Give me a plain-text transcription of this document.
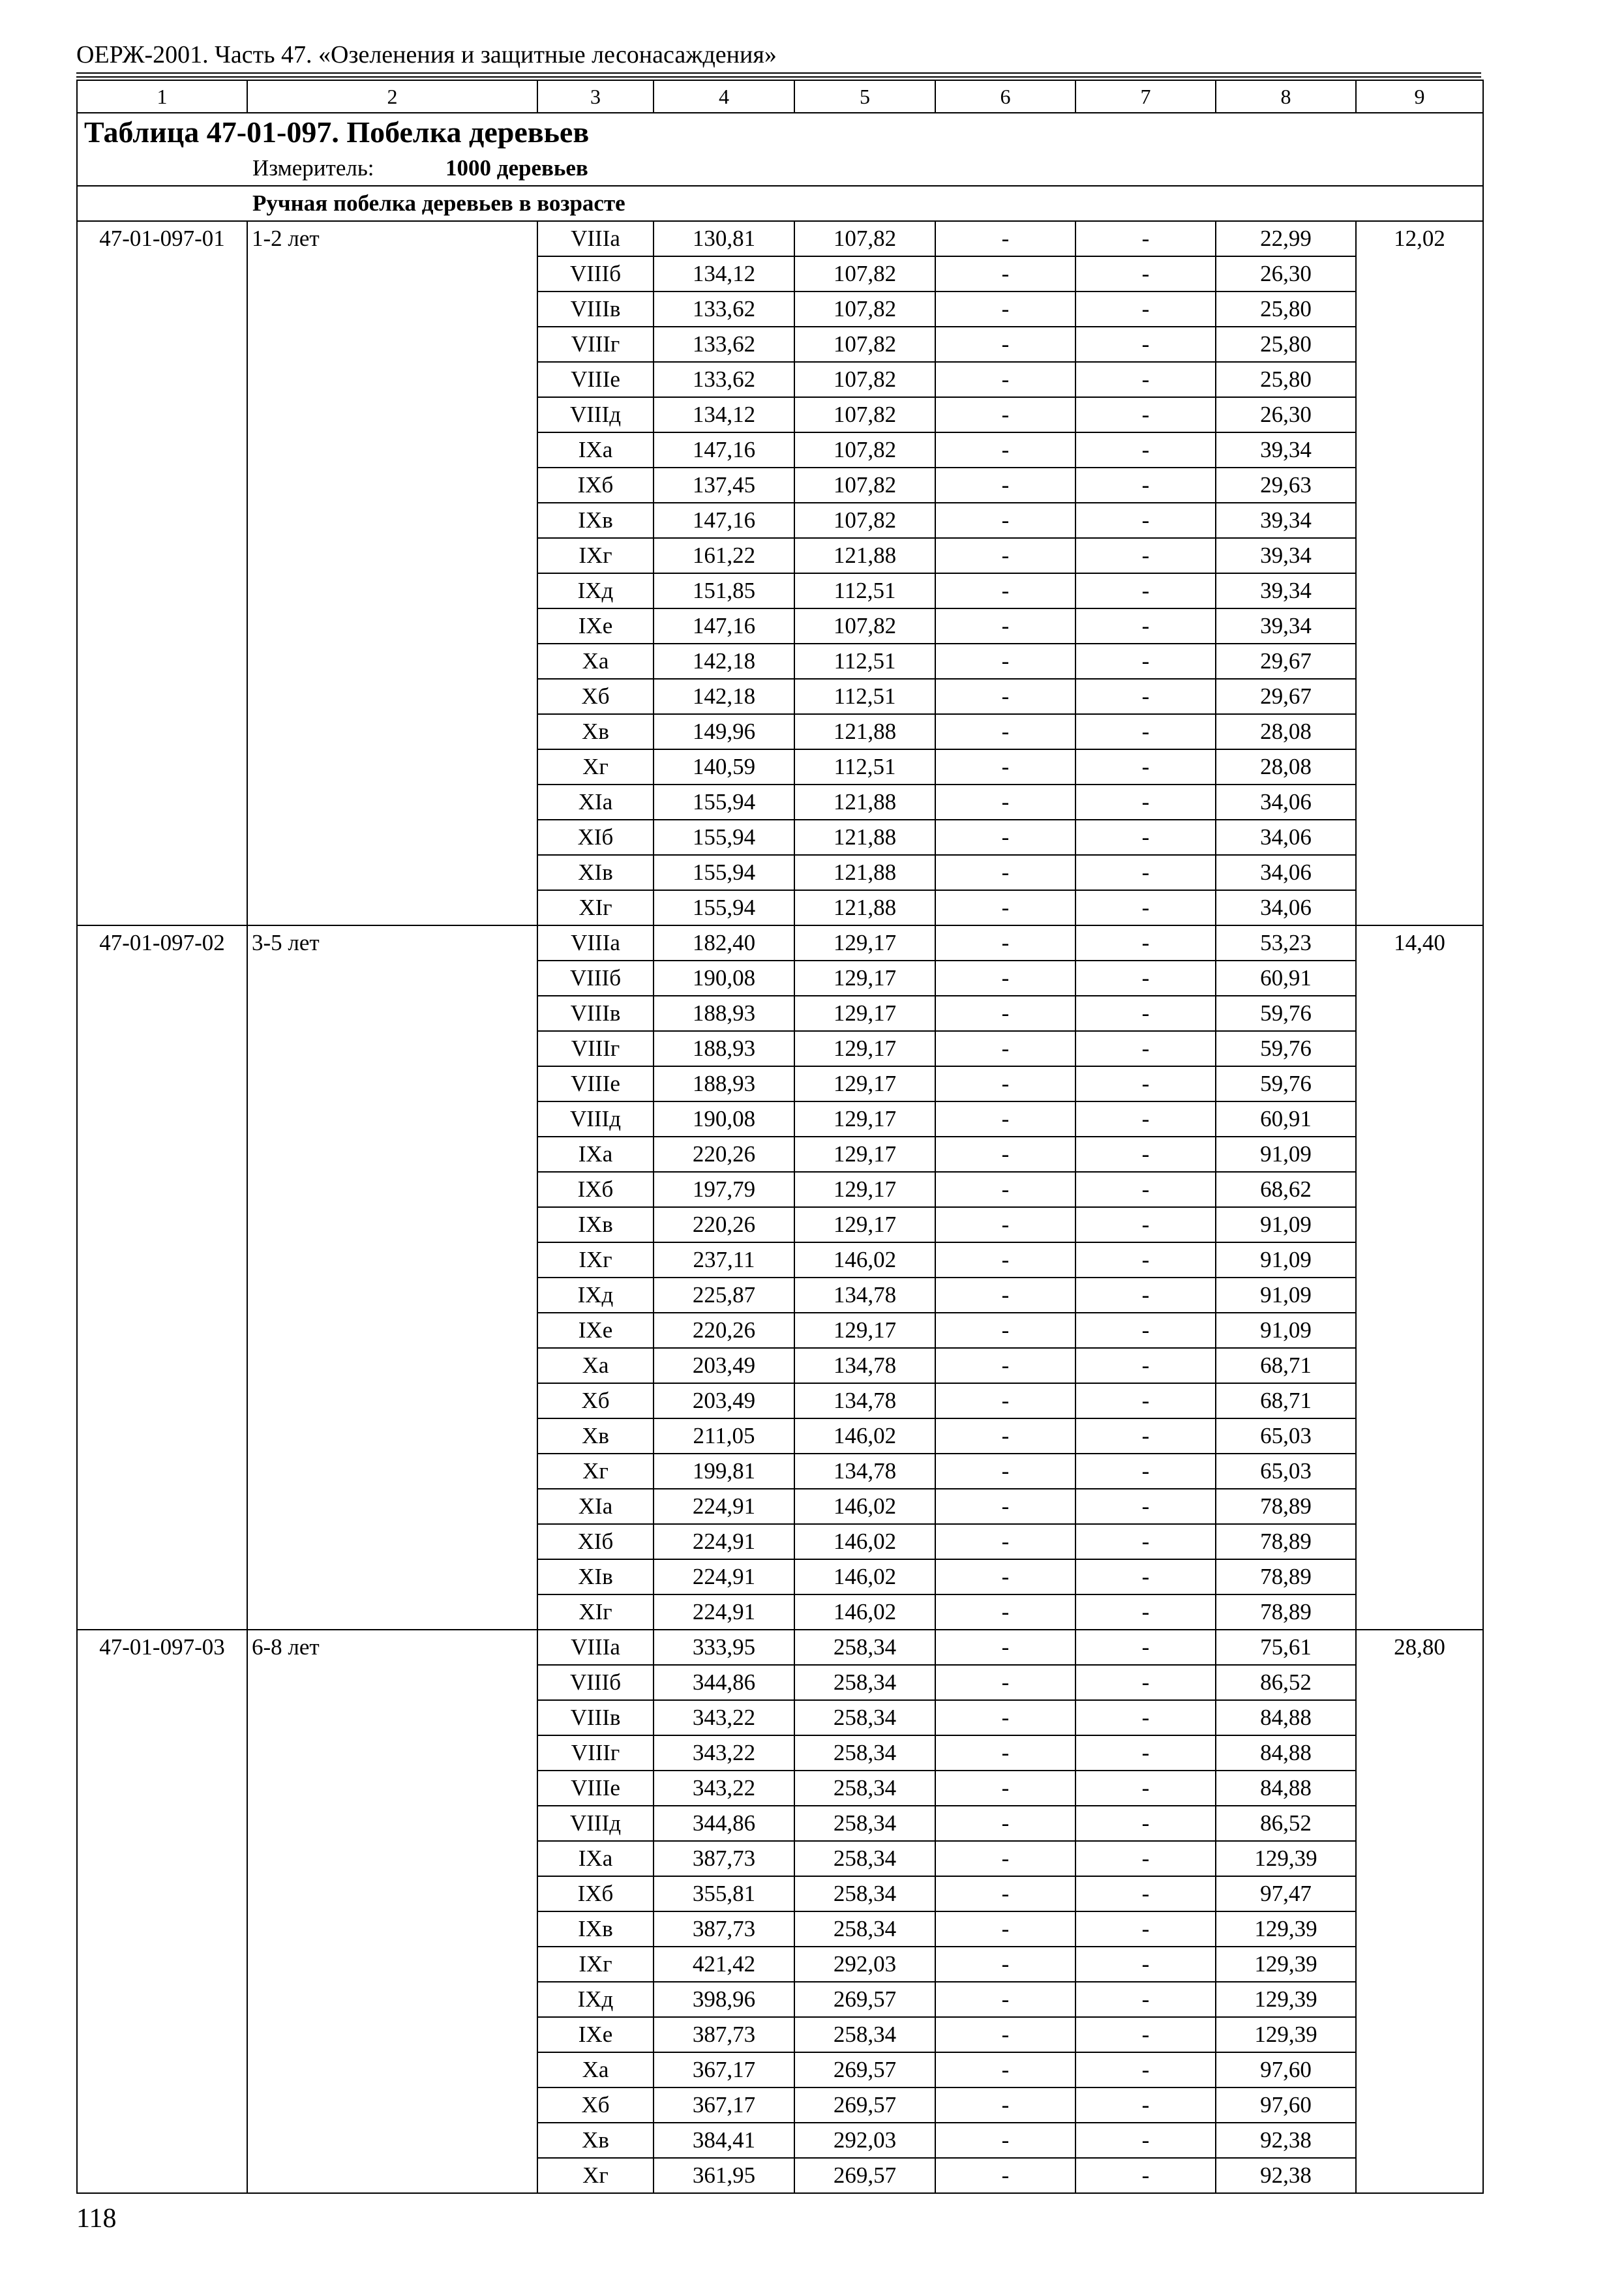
ОЕРЖ-2001. Часть 47. «Озеленения и защитные лесонасаждения»
1	2	3	4	5	6	7	8	9
Таблица 47-01-097. Побелка деревьев								
Измеритель: 1000 деревьев								
Ручная побелка деревьев в возрасте								
47-01-097-01	1-2 лет	VIIIа	130,81	107,82	-	-	22,99	12,02
		VIIIб	134,12	107,82	-	-	26,30	
		VIIIв	133,62	107,82	-	-	25,80	
		VIIIг	133,62	107,82	-	-	25,80	
		VIIIе	133,62	107,82	-	-	25,80	
		VIIIд	134,12	107,82	-	-	26,30	
		IXа	147,16	107,82	-	-	39,34	
		IXб	137,45	107,82	-	-	29,63	
		IXв	147,16	107,82	-	-	39,34	
		IXг	161,22	121,88	-	-	39,34	
		IXд	151,85	112,51	-	-	39,34	
		IXе	147,16	107,82	-	-	39,34	
		Xа	142,18	112,51	-	-	29,67	
		Xб	142,18	112,51	-	-	29,67	
		Xв	149,96	121,88	-	-	28,08	
		Xг	140,59	112,51	-	-	28,08	
		XIа	155,94	121,88	-	-	34,06	
		XIб	155,94	121,88	-	-	34,06	
		XIв	155,94	121,88	-	-	34,06	
		XIг	155,94	121,88	-	-	34,06	
47-01-097-02	3-5 лет	VIIIа	182,40	129,17	-	-	53,23	14,40
		VIIIб	190,08	129,17	-	-	60,91	
		VIIIв	188,93	129,17	-	-	59,76	
		VIIIг	188,93	129,17	-	-	59,76	
		VIIIе	188,93	129,17	-	-	59,76	
		VIIIд	190,08	129,17	-	-	60,91	
		IXа	220,26	129,17	-	-	91,09	
		IXб	197,79	129,17	-	-	68,62	
		IXв	220,26	129,17	-	-	91,09	
		IXг	237,11	146,02	-	-	91,09	
		IXд	225,87	134,78	-	-	91,09	
		IXе	220,26	129,17	-	-	91,09	
		Xа	203,49	134,78	-	-	68,71	
		Xб	203,49	134,78	-	-	68,71	
		Xв	211,05	146,02	-	-	65,03	
		Xг	199,81	134,78	-	-	65,03	
		XIа	224,91	146,02	-	-	78,89	
		XIб	224,91	146,02	-	-	78,89	
		XIв	224,91	146,02	-	-	78,89	
		XIг	224,91	146,02	-	-	78,89	
47-01-097-03	6-8 лет	VIIIа	333,95	258,34	-	-	75,61	28,80
		VIIIб	344,86	258,34	-	-	86,52	
		VIIIв	343,22	258,34	-	-	84,88	
		VIIIг	343,22	258,34	-	-	84,88	
		VIIIе	343,22	258,34	-	-	84,88	
		VIIIд	344,86	258,34	-	-	86,52	
		IXа	387,73	258,34	-	-	129,39	
		IXб	355,81	258,34	-	-	97,47	
		IXв	387,73	258,34	-	-	129,39	
		IXг	421,42	292,03	-	-	129,39	
		IXд	398,96	269,57	-	-	129,39	
		IXе	387,73	258,34	-	-	129,39	
		Xа	367,17	269,57	-	-	97,60	
		Xб	367,17	269,57	-	-	97,60	
		Xв	384,41	292,03	-	-	92,38	
		Xг	361,95	269,57	-	-	92,38	
118
